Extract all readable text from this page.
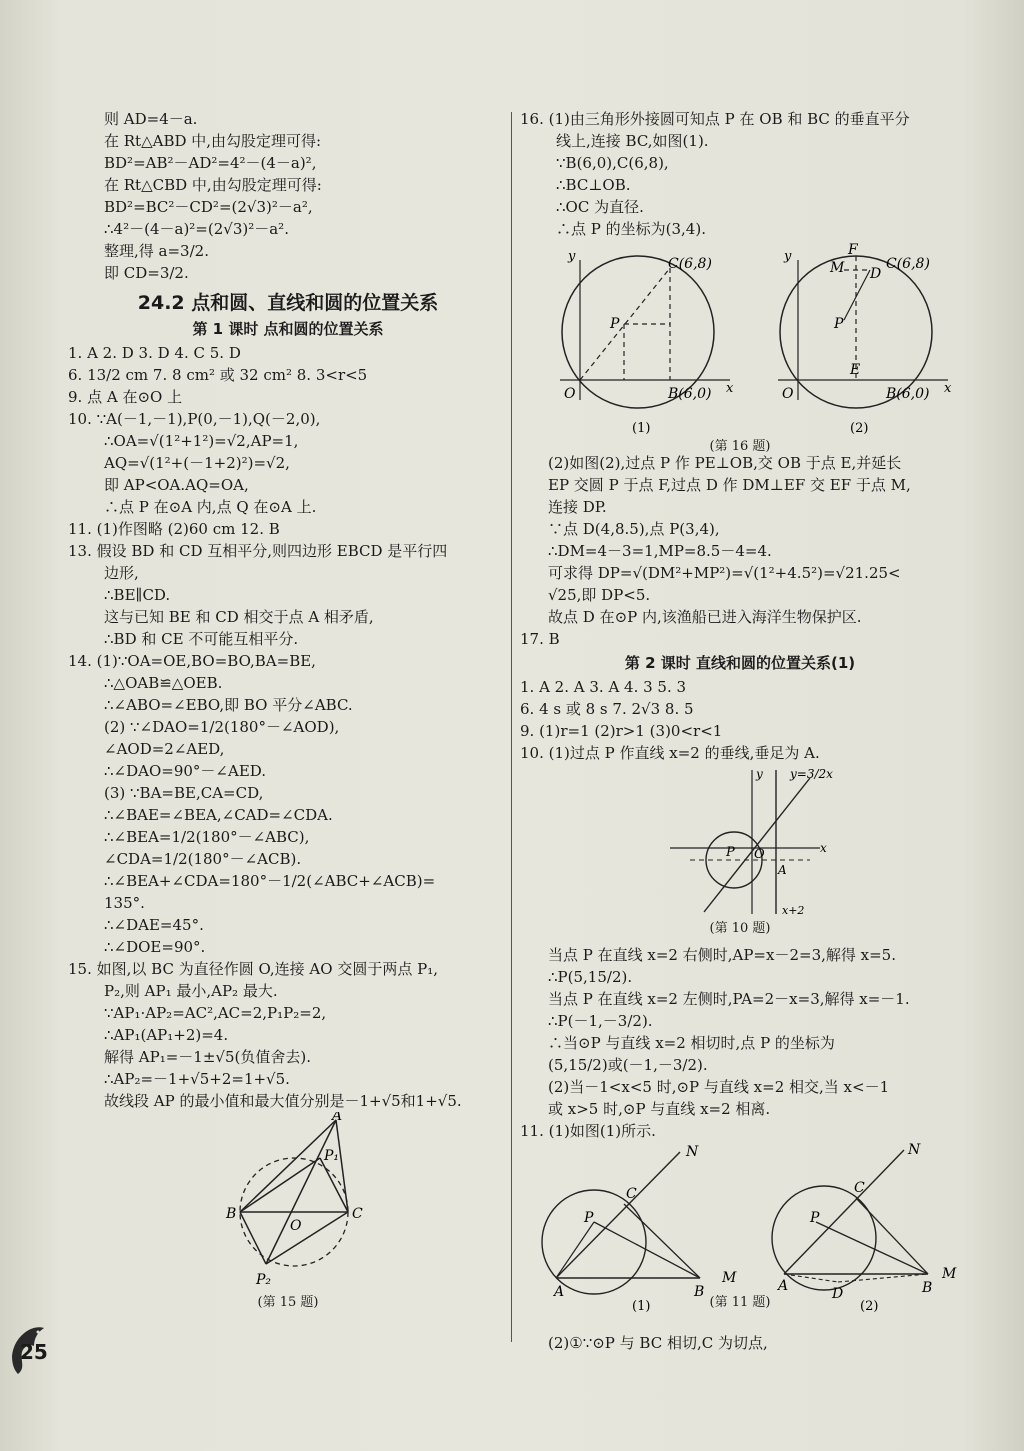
则 AD=4－a.
在 Rt△ABD 中,由勾股定理可得:
BD²=AB²－AD²=4²－(4－a)²,
在 Rt△CBD 中,由勾股定理可得:
BD²=BC²－CD²=(2√3)²－a²,
∴4²－(4－a)²=(2√3)²－a².
整理,得 a=3/2.
即 CD=3/2.
24.2 点和圆、直线和圆的位置关系
第 1 课时 点和圆的位置关系
1. A 2. D 3. D 4. C 5. D
6. 13/2 cm 7. 8 cm² 或 32 cm² 8. 3<r<5
9. 点 A 在⊙O 上
10. ∵A(－1,－1),P(0,－1),Q(－2,0),
∴OA=√(1²+1²)=√2,AP=1,
AQ=√(1²+(－1+2)²)=√2,
即 AP<OA.AQ=OA,
∴点 P 在⊙A 内,点 Q 在⊙A 上.
11. (1)作图略 (2)60 cm 12. B
13. 假设 BD 和 CD 互相平分,则四边形 EBCD 是平行四
边形,
∴BE∥CD.
这与已知 BE 和 CD 相交于点 A 相矛盾,
∴BD 和 CE 不可能互相平分.
14. (1)∵OA=OE,BO=BO,BA=BE,
∴△OAB≌△OEB.
∴∠ABO=∠EBO,即 BO 平分∠ABC.
(2) ∵∠DAO=1/2(180°－∠AOD),
∠AOD=2∠AED,
∴∠DAO=90°－∠AED.
(3) ∵BA=BE,CA=CD,
∴∠BAE=∠BEA,∠CAD=∠CDA.
∴∠BEA=1/2(180°－∠ABC),
∠CDA=1/2(180°－∠ACB).
∴∠BEA+∠CDA=180°－1/2(∠ABC+∠ACB)=
135°.
∴∠DAE=45°.
∴∠DOE=90°.
15. 如图,以 BC 为直径作圆 O,连接 AO 交圆于两点 P₁,
P₂,则 AP₁ 最小,AP₂ 最大.
∵AP₁·AP₂=AC²,AC=2,P₁P₂=2,
∴AP₁(AP₁+2)=4.
解得 AP₁=－1±√5(负值舍去).
∴AP₂=－1+√5+2=1+√5.
故线段 AP 的最小值和最大值分别是－1+√5和1+√5.
A
P₁
B
O
C
P₂
(第 15 题)
16. (1)由三角形外接圆可知点 P 在 OB 和 BC 的垂直平分
线上,连接 BC,如图(1).
∵B(6,0),C(6,8),
∴BC⊥OB.
∴OC 为直径.
∴点 P 的坐标为(3,4).
y
x
O
C(6,8)
B(6,0)
P
(1)
y
x
O
C(6,8)
B(6,0)
P
F
M D
E
(2)
(第 16 题)
(2)如图(2),过点 P 作 PE⊥OB,交 OB 于点 E,并延长
EP 交圆 P 于点 F,过点 D 作 DM⊥EF 交 EF 于点 M,
连接 DP.
∵点 D(4,8.5),点 P(3,4),
∴DM=4－3=1,MP=8.5－4=4.
可求得 DP=√(DM²+MP²)=√(1²+4.5²)=√21.25<
√25,即 DP<5.
故点 D 在⊙P 内,该渔船已进入海洋生物保护区.
17. B
第 2 课时 直线和圆的位置关系(1)
1. A 2. A 3. A 4. 3 5. 3
6. 4 s 或 8 s 7. 2√3 8. 5
9. (1)r=1 (2)r>1 (3)0<r<1
10. (1)过点 P 作直线 x=2 的垂线,垂足为 A.
y y=3/2x
P O
A
x
x+2
(第 10 题)
当点 P 在直线 x=2 右侧时,AP=x－2=3,解得 x=5.
∴P(5,15/2).
当点 P 在直线 x=2 左侧时,PA=2－x=3,解得 x=－1.
∴P(－1,－3/2).
∴当⊙P 与直线 x=2 相切时,点 P 的坐标为
(5,15/2)或(－1,－3/2).
(2)当－1<x<5 时,⊙P 与直线 x=2 相交,当 x<－1
或 x>5 时,⊙P 与直线 x=2 相离.
11. (1)如图(1)所示.
N
C
P
A	B
M
(1)
N
C
P
A	D	B
M
(2)
(第 11 题)
(2)①∵⊙P 与 BC 相切,C 为切点,
25
